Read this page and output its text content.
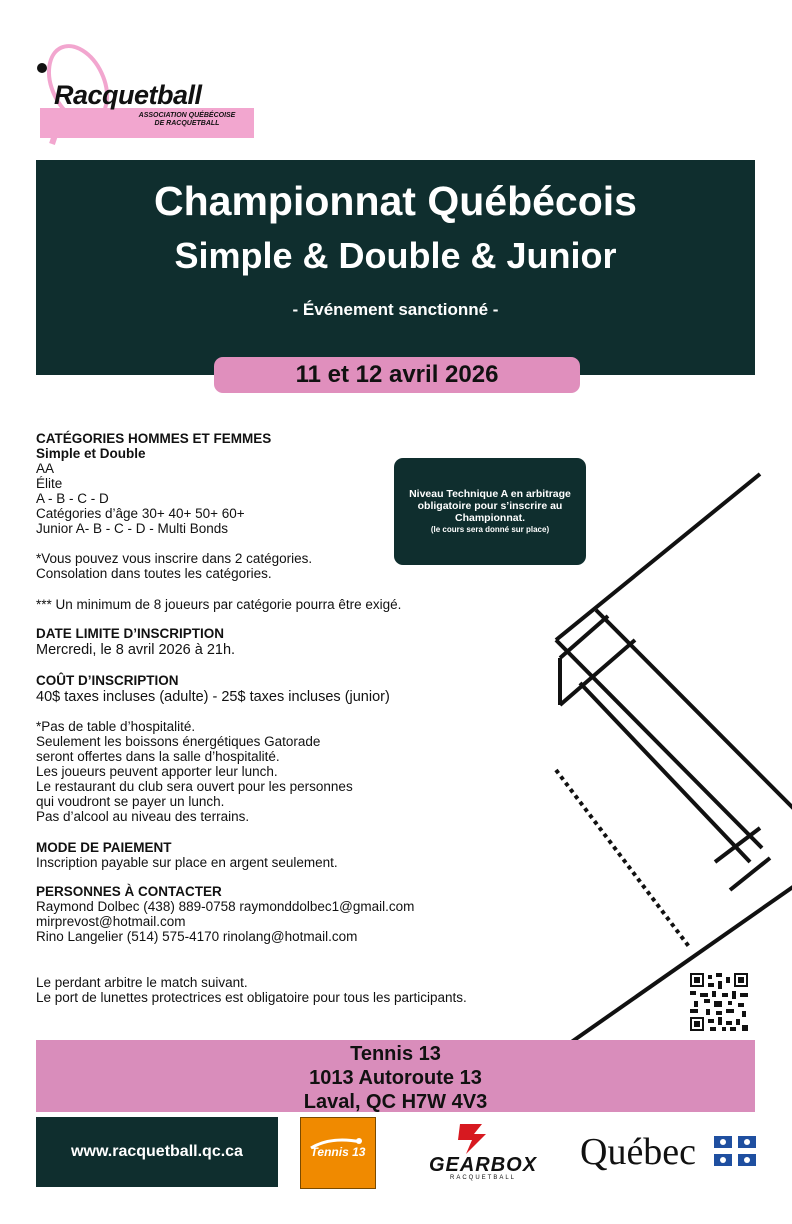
Racquetball
ASSOCIATION QUÉBÉCOISE
DE RACQUETBALL
Championnat Québécois
Simple & Double & Junior
- Événement sanctionné -
11 et 12 avril 2026
CATÉGORIES HOMMES ET FEMMES
Simple et Double
AA
Élite
A - B - C - D
Catégories d’âge 30+ 40+ 50+ 60+
Junior A- B - C - D - Multi Bonds
*Vous pouvez vous inscrire dans 2 catégories.
Consolation dans toutes les catégories.
*** Un minimum de 8 joueurs par catégorie pourra être exigé.
Niveau Technique A en arbitrage obligatoire pour s’inscrire au Championnat.
(le cours sera donné sur place)
DATE LIMITE D’INSCRIPTION
Mercredi, le 8 avril 2026 à 21h.
COÛT D’INSCRIPTION
40$ taxes incluses (adulte) - 25$ taxes incluses (junior)
*Pas de table d’hospitalité.
Seulement les boissons énergétiques Gatorade
seront offertes dans la salle d’hospitalité.
Les joueurs peuvent apporter leur lunch.
Le restaurant du club sera ouvert pour les personnes
qui voudront se payer un lunch.
Pas d’alcool au niveau des terrains.
MODE DE PAIEMENT
Inscription payable sur place en argent seulement.
PERSONNES À CONTACTER
Raymond Dolbec (438) 889-0758 raymonddolbec1@gmail.com
mirprevost@hotmail.com
Rino Langelier (514) 575-4170 rinolang@hotmail.com
Le perdant arbitre le match suivant.
Le port de lunettes protectrices est obligatoire pour tous les participants.
Tennis 13
1013 Autoroute 13
Laval, QC H7W 4V3
www.racquetball.qc.ca	Tennis 13
GEARBOX
RACQUETBALL
Québec
